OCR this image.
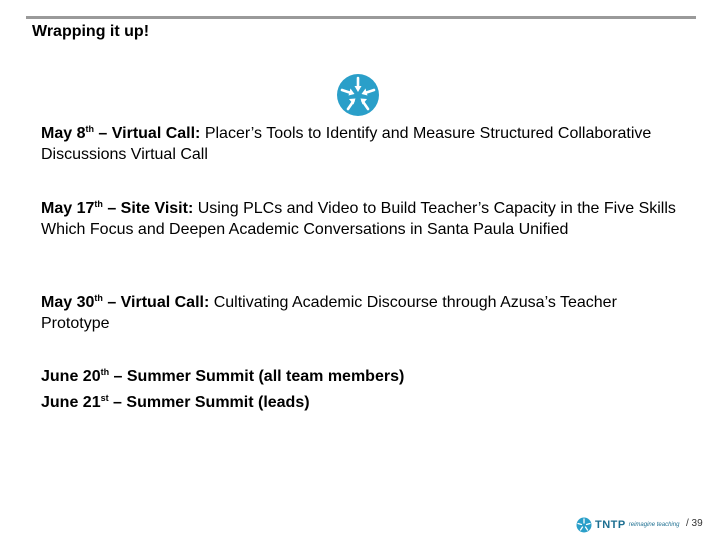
Wrapping it up!
May 8th – Virtual Call: Placer’s Tools to Identify and Measure Structured Collaborative Discussions Virtual Call
May 17th – Site Visit: Using PLCs and Video to Build Teacher’s Capacity in the Five Skills Which Focus and Deepen Academic Conversations in Santa Paula Unified
May 30th – Virtual Call: Cultivating Academic Discourse through Azusa’s Teacher Prototype
June 20th – Summer Summit (all team members)
June 21st – Summer Summit (leads)
TNTP reimagine teaching / 39
